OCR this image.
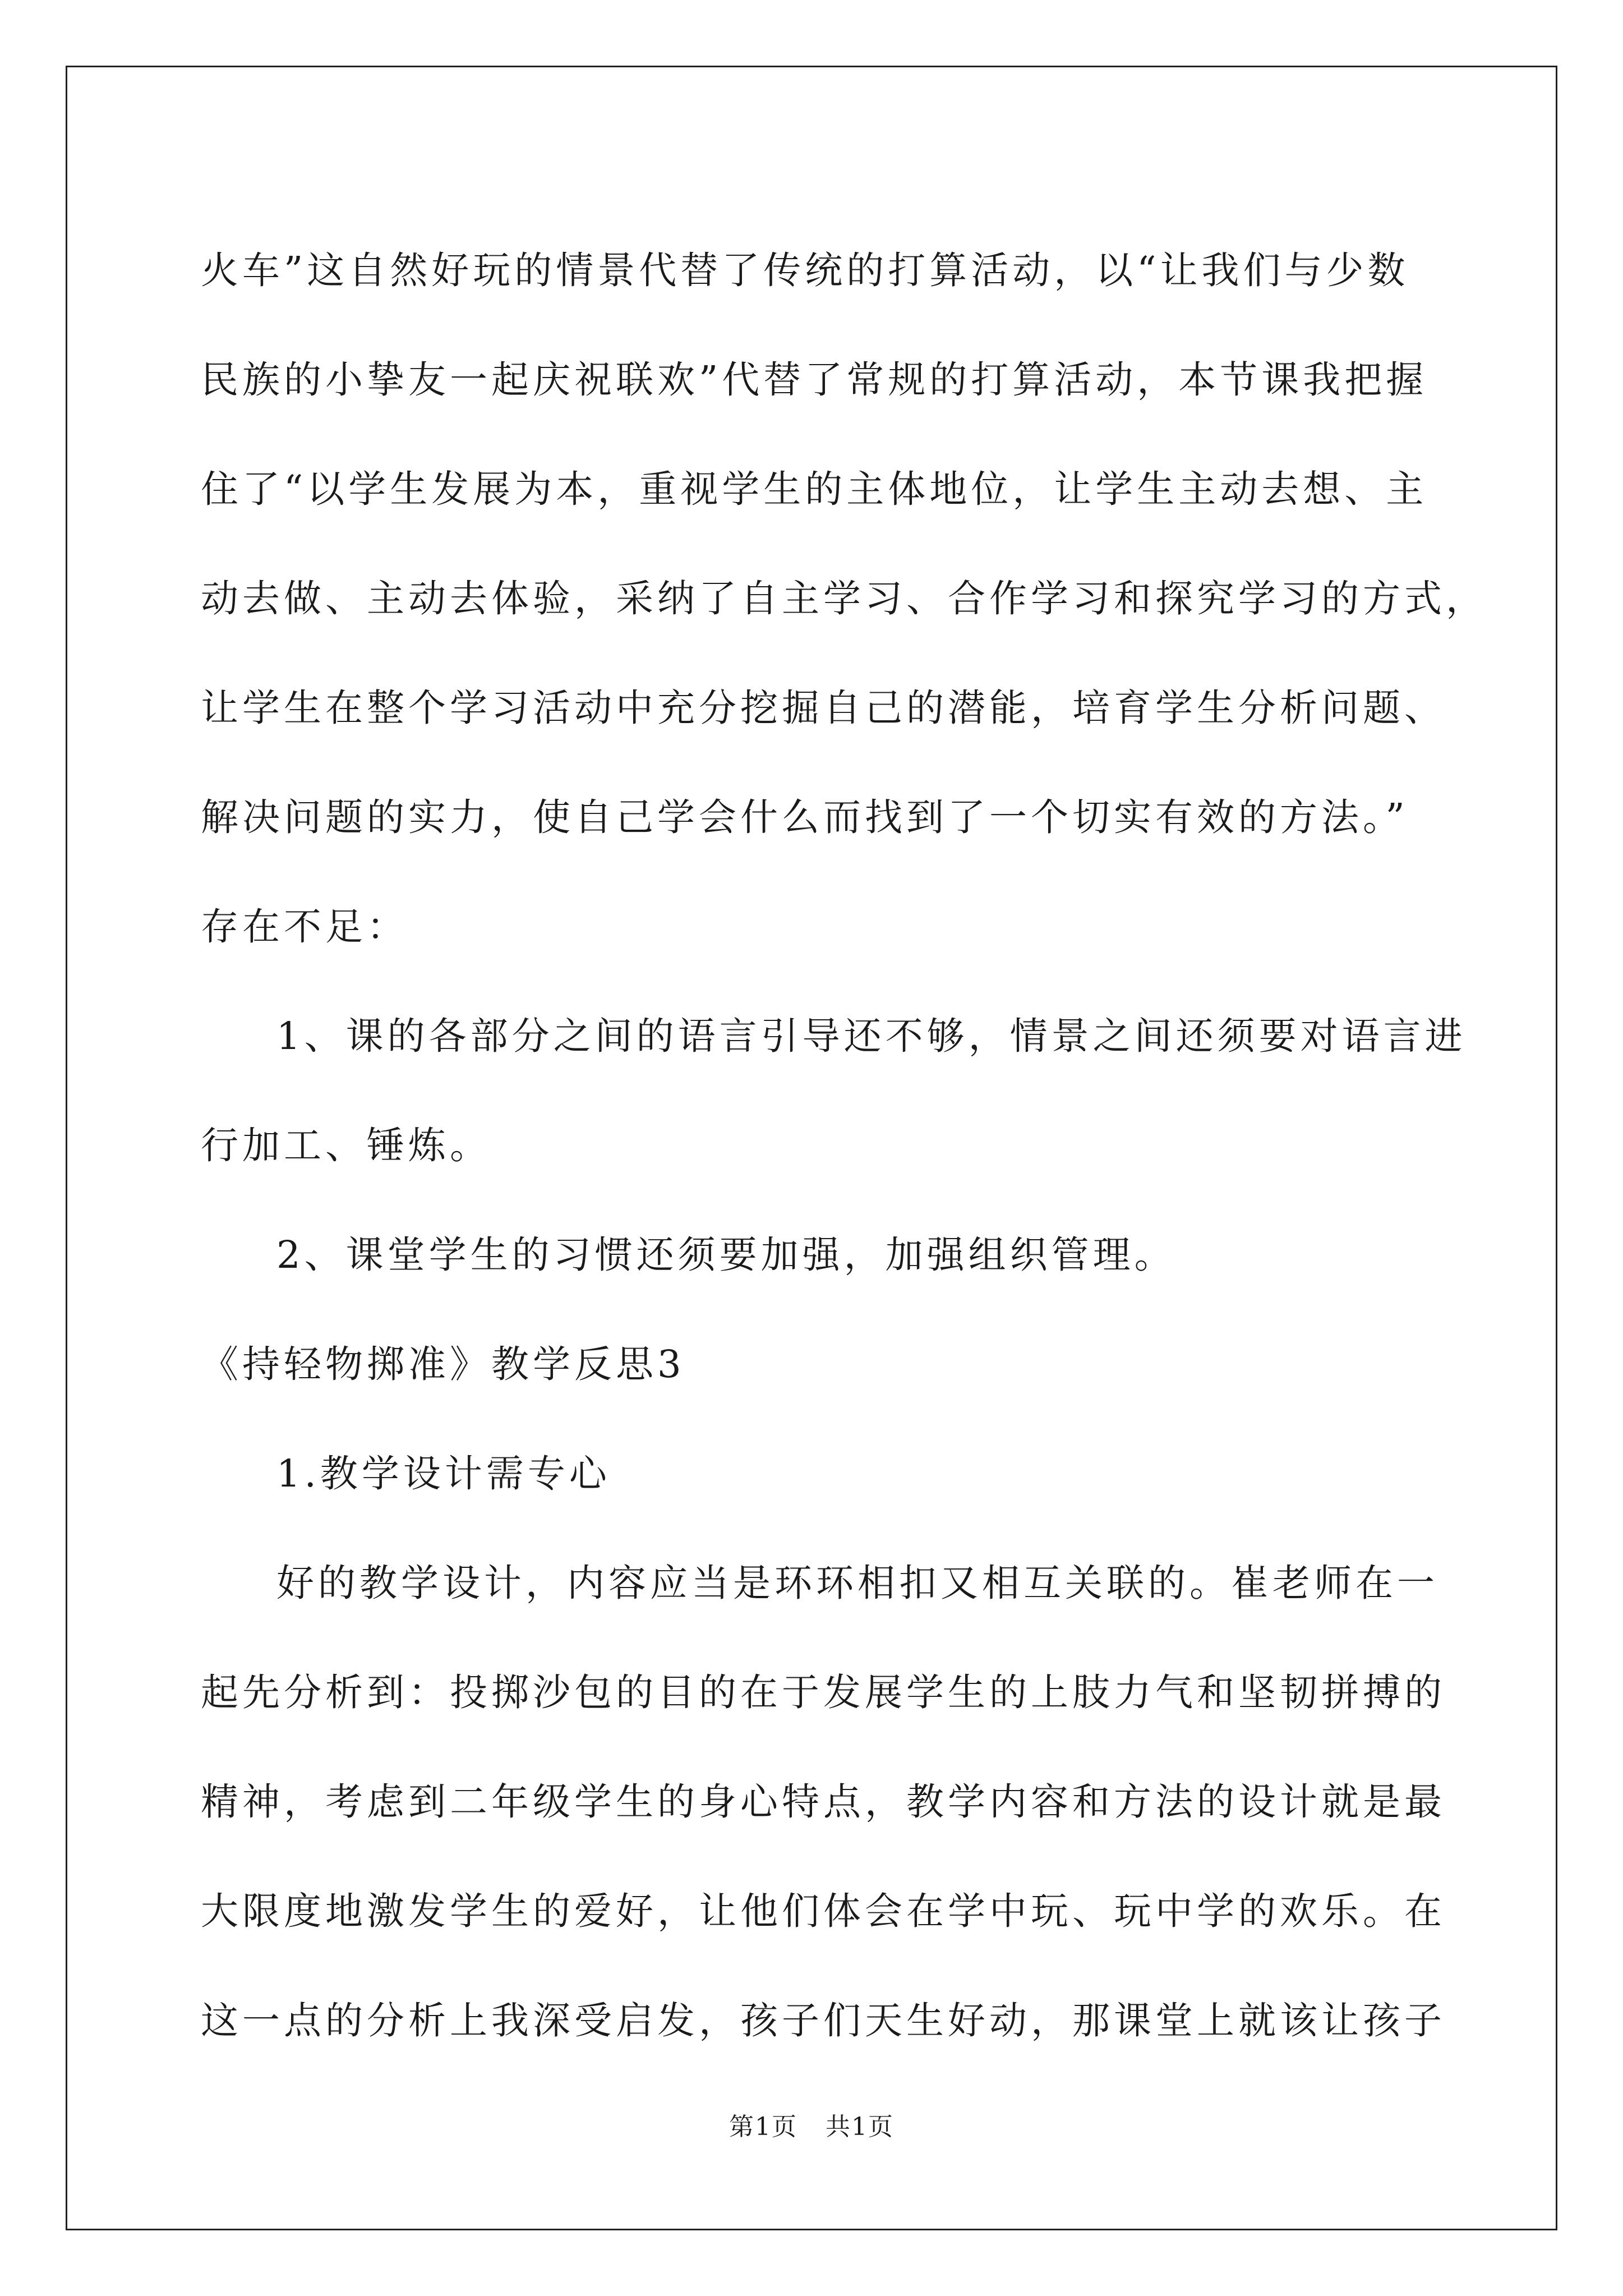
火车”这自然好玩的情景代替了传统的打算活动，以“让我们与少数
民族的小挚友一起庆祝联欢”代替了常规的打算活动，本节课我把握
住了“以学生发展为本，重视学生的主体地位，让学生主动去想、主
动去做、主动去体验，采纳了自主学习、合作学习和探究学习的方式，
让学生在整个学习活动中充分挖掘自己的潜能，培育学生分析问题、
解决问题的实力，使自己学会什么而找到了一个切实有效的方法。”
存在不足：
1、课的各部分之间的语言引导还不够，情景之间还须要对语言进
行加工、锤炼。
2、课堂学生的习惯还须要加强，加强组织管理。
《持轻物掷准》教学反思3
1.教学设计需专心
好的教学设计，内容应当是环环相扣又相互关联的。崔老师在一
起先分析到：投掷沙包的目的在于发展学生的上肢力气和坚韧拼搏的
精神，考虑到二年级学生的身心特点，教学内容和方法的设计就是最
大限度地激发学生的爱好，让他们体会在学中玩、玩中学的欢乐。在
这一点的分析上我深受启发，孩子们天生好动，那课堂上就该让孩子
第1页 共1页
